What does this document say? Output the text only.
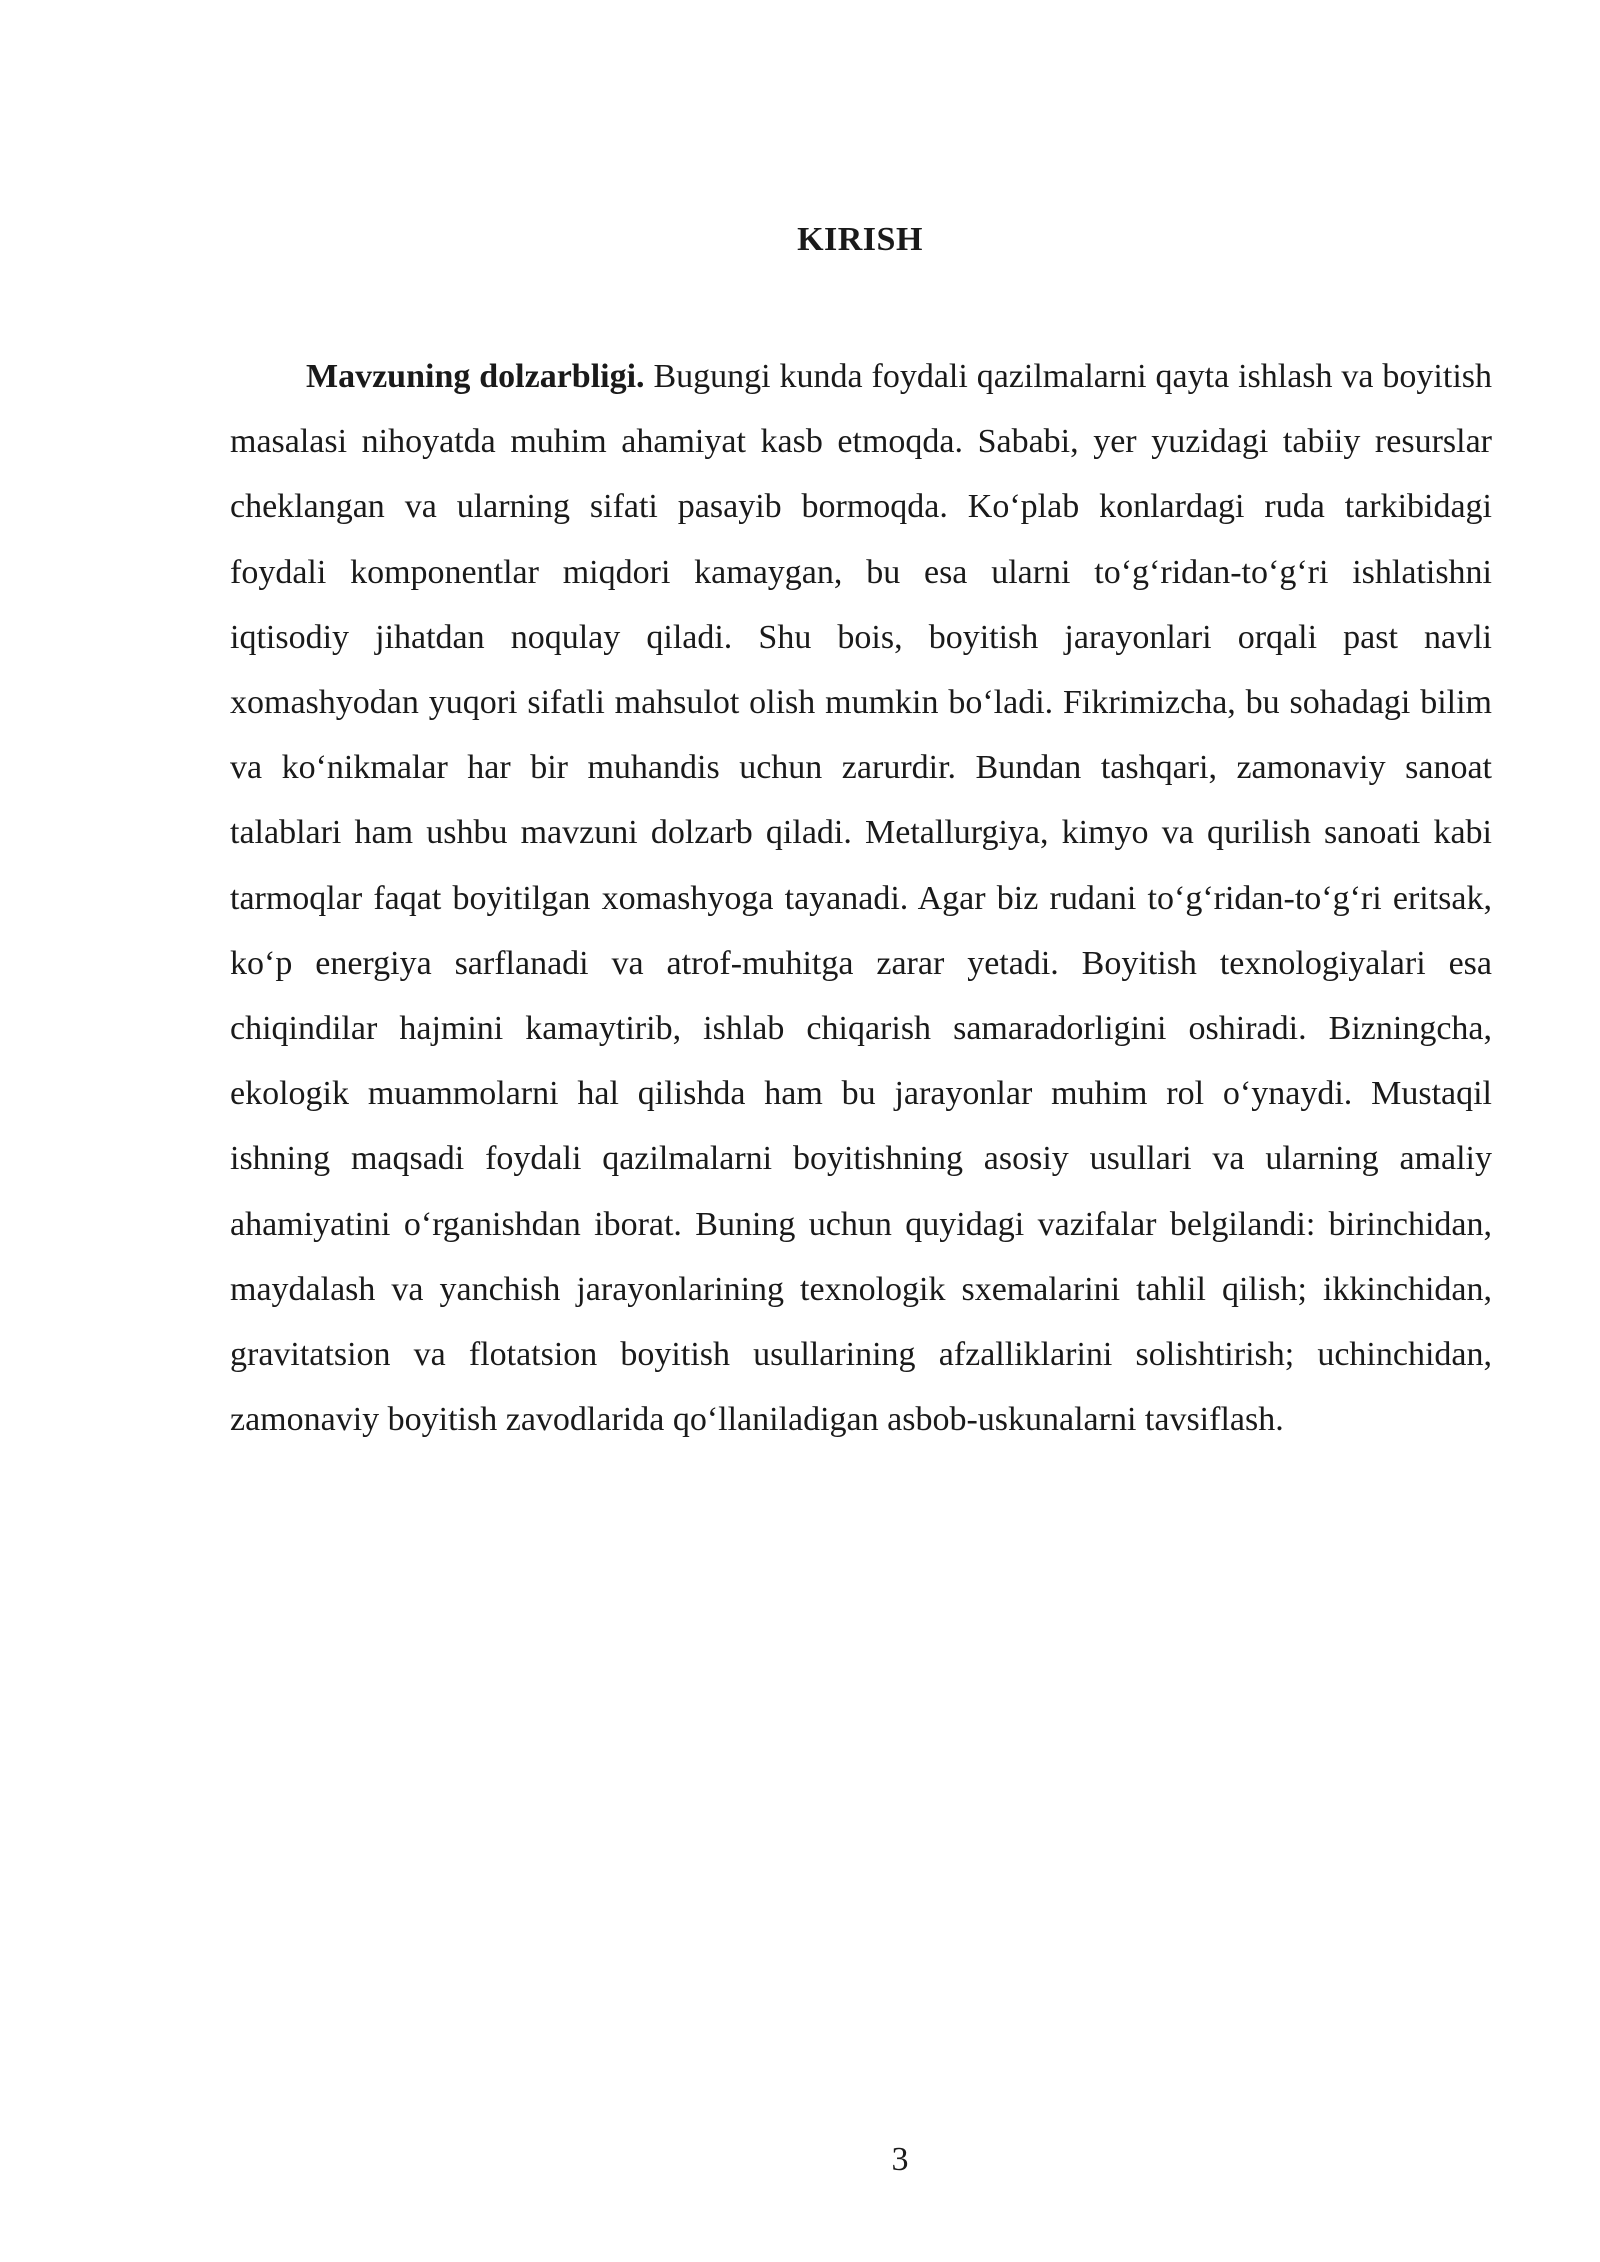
KIRISH

Mavzuning dolzarbligi. Bugungi kunda foydali qazilmalarni qayta ishlash va boyitish masalasi nihoyatda muhim ahamiyat kasb etmoqda. Sababi, yer yuzidagi tabiiy resurslar cheklangan va ularning sifati pasayib bormoqda. Ko‘plab konlardagi ruda tarkibidagi foydali komponentlar miqdori kamaygan, bu esa ularni to‘g‘ridan-to‘g‘ri ishlatishni iqtisodiy jihatdan noqulay qiladi. Shu bois, boyitish jarayonlari orqali past navli xomashyodan yuqori sifatli mahsulot olish mumkin bo‘ladi. Fikrimizcha, bu sohadagi bilim va ko‘nikmalar har bir muhandis uchun zarurdir. Bundan tashqari, zamonaviy sanoat talablari ham ushbu mavzuni dolzarb qiladi. Metallurgiya, kimyo va qurilish sanoati kabi tarmoqlar faqat boyitilgan xomashyoga tayanadi. Agar biz rudani to‘g‘ridan-to‘g‘ri eritsak, ko‘p energiya sarflanadi va atrof-muhitga zarar yetadi. Boyitish texnologiyalari esa chiqindilar hajmini kamaytirib, ishlab chiqarish samaradorligini oshiradi. Bizningcha, ekologik muammolarni hal qilishda ham bu jarayonlar muhim rol o‘ynaydi. Mustaqil ishning maqsadi foydali qazilmalarni boyitishning asosiy usullari va ularning amaliy ahamiyatini o‘rganishdan iborat. Buning uchun quyidagi vazifalar belgilandi: birinchidan, maydalash va yanchish jarayonlarining texnologik sxemalarini tahlil qilish; ikkinchidan, gravitatsion va flotatsion boyitish usullarining afzalliklarini solishtirish; uchinchidan, zamonaviy boyitish zavodlarida qo‘llaniladigan asbob-uskunalarni tavsiflash.

3
